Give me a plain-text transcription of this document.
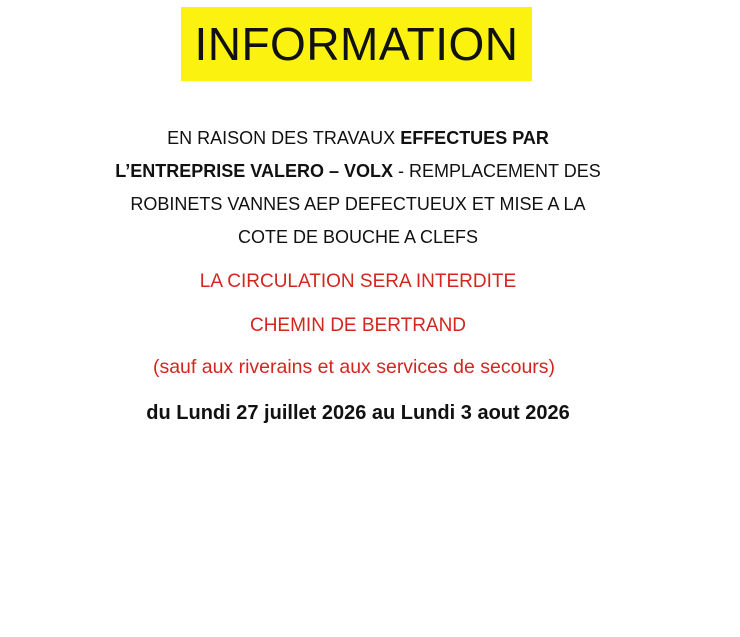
INFORMATION
EN RAISON DES TRAVAUX EFFECTUES PAR
L’ENTREPRISE VALERO – VOLX - REMPLACEMENT DES
ROBINETS VANNES AEP DEFECTUEUX ET MISE A LA
COTE DE BOUCHE A CLEFS
LA CIRCULATION SERA INTERDITE
CHEMIN DE BERTRAND
(sauf aux riverains et aux services de secours)
du Lundi 27 juillet 2026 au Lundi 3 aout 2026
